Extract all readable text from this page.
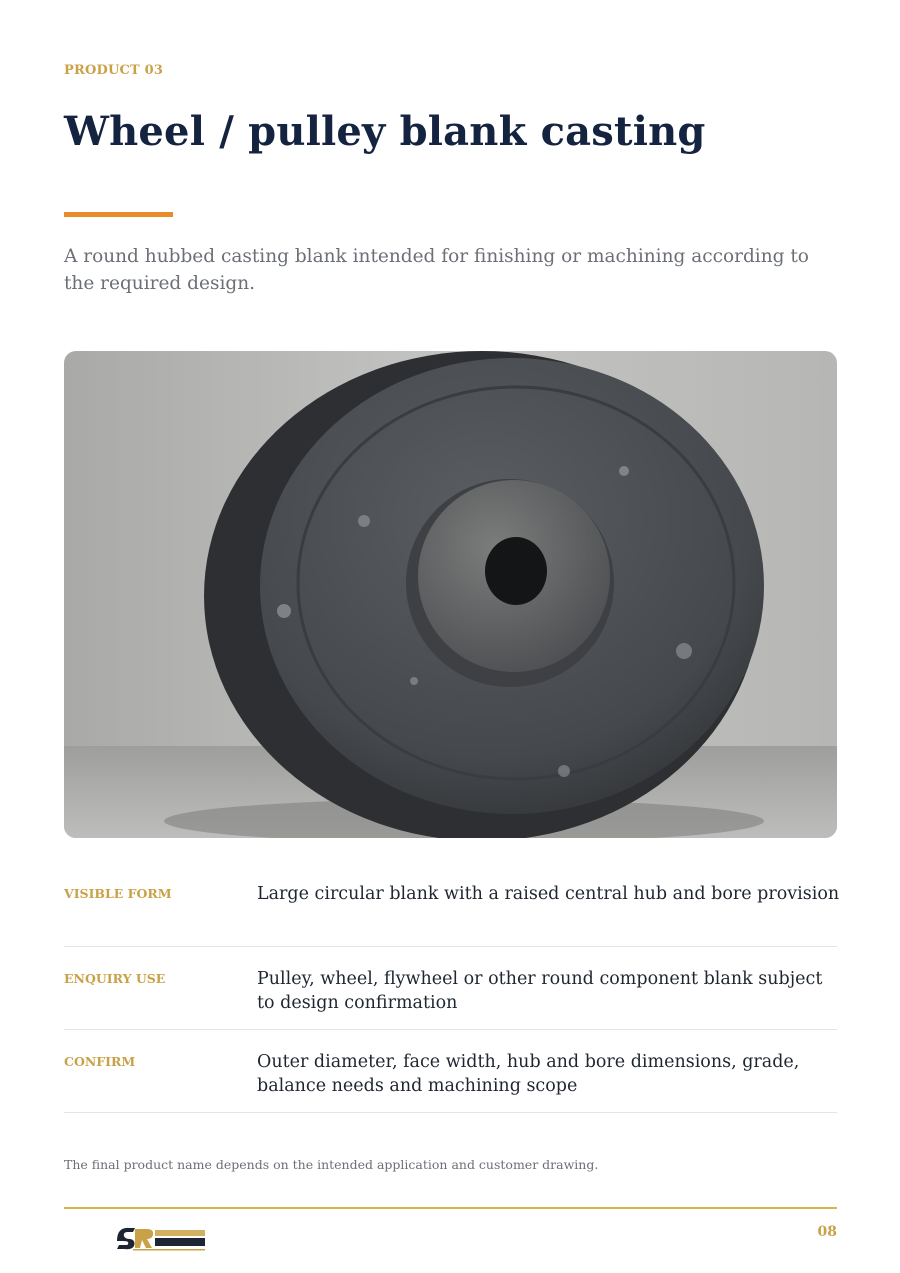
PRODUCT 03
Wheel / pulley blank casting
A round hubbed casting blank intended for finishing or machining according to the required design.
VISIBLE FORM	Large circular blank with a raised central hub and bore provision
ENQUIRY USE	Pulley, wheel, flywheel or other round component blank subject to design confirmation
CONFIRM	Outer diameter, face width, hub and bore dimensions, grade, balance needs and machining scope
The final product name depends on the intended application and customer drawing.
08
